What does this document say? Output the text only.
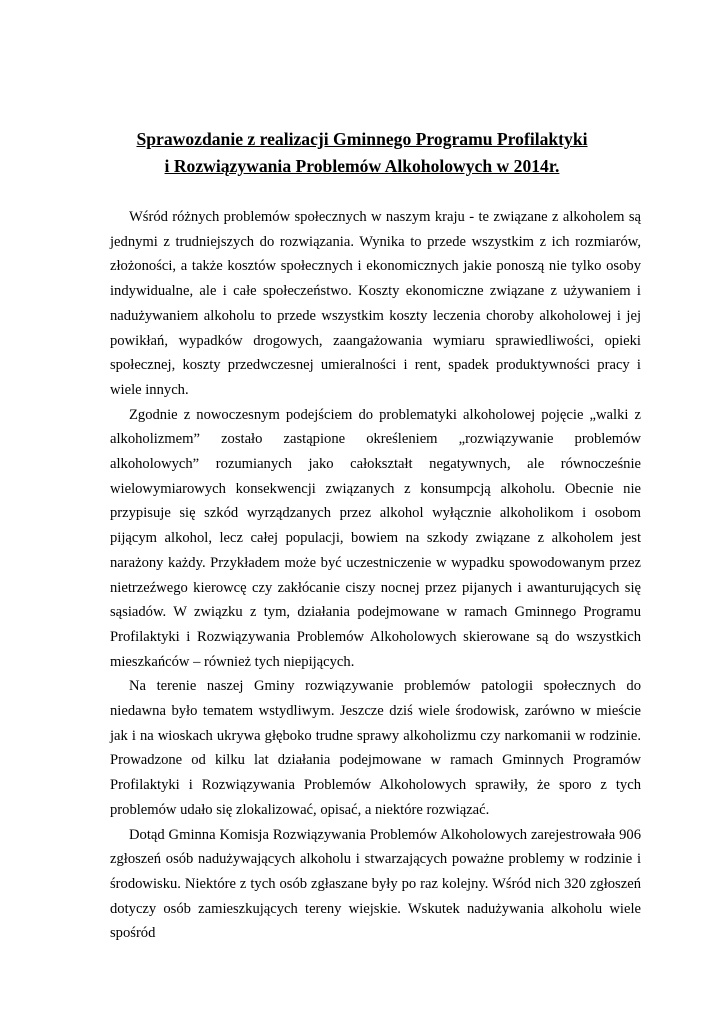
Sprawozdanie z realizacji Gminnego Programu Profilaktyki

i Rozwiązywania Problemów Alkoholowych w 2014r.

Wśród różnych problemów społecznych w naszym kraju - te związane z alkoholem są jednymi z trudniejszych do rozwiązania. Wynika to przede wszystkim z ich rozmiarów, złożoności, a także kosztów społecznych i ekonomicznych jakie ponoszą nie tylko osoby indywidualne, ale i całe społeczeństwo. Koszty ekonomiczne związane z używaniem i nadużywaniem alkoholu to przede wszystkim koszty leczenia choroby alkoholowej i jej powikłań, wypadków drogowych, zaangażowania wymiaru sprawiedliwości, opieki społecznej, koszty przedwczesnej umieralności i rent, spadek produktywności pracy i wiele innych.

Zgodnie z nowoczesnym podejściem do problematyki alkoholowej pojęcie „walki z alkoholizmem” zostało zastąpione określeniem „rozwiązywanie problemów alkoholowych” rozumianych jako całokształt negatywnych, ale równocześnie wielowymiarowych konsekwencji związanych z konsumpcją alkoholu. Obecnie nie przypisuje się szkód wyrządzanych przez alkohol wyłącznie alkoholikom i osobom pijącym alkohol, lecz całej populacji, bowiem na szkody związane z alkoholem jest narażony każdy. Przykładem może być uczestniczenie w wypadku spowodowanym przez nietrzeźwego kierowcę czy zakłócanie ciszy nocnej przez pijanych i awanturujących się sąsiadów. W związku z tym, działania podejmowane w ramach Gminnego Programu Profilaktyki i Rozwiązywania Problemów Alkoholowych skierowane są do wszystkich mieszkańców – również tych niepijących.

Na terenie naszej Gminy rozwiązywanie problemów patologii społecznych do niedawna było tematem wstydliwym. Jeszcze dziś wiele środowisk, zarówno w mieście jak i na wioskach ukrywa głęboko trudne sprawy alkoholizmu czy narkomanii w rodzinie. Prowadzone od kilku lat działania podejmowane w ramach Gminnych Programów Profilaktyki i Rozwiązywania Problemów Alkoholowych sprawiły, że sporo z tych problemów udało się zlokalizować, opisać, a niektóre rozwiązać.

Dotąd Gminna Komisja Rozwiązywania Problemów Alkoholowych zarejestrowała 906 zgłoszeń osób nadużywających alkoholu i stwarzających poważne problemy w rodzinie i środowisku. Niektóre z tych osób zgłaszane były po raz kolejny. Wśród nich 320 zgłoszeń dotyczy osób zamieszkujących tereny wiejskie. Wskutek nadużywania alkoholu wiele spośród
